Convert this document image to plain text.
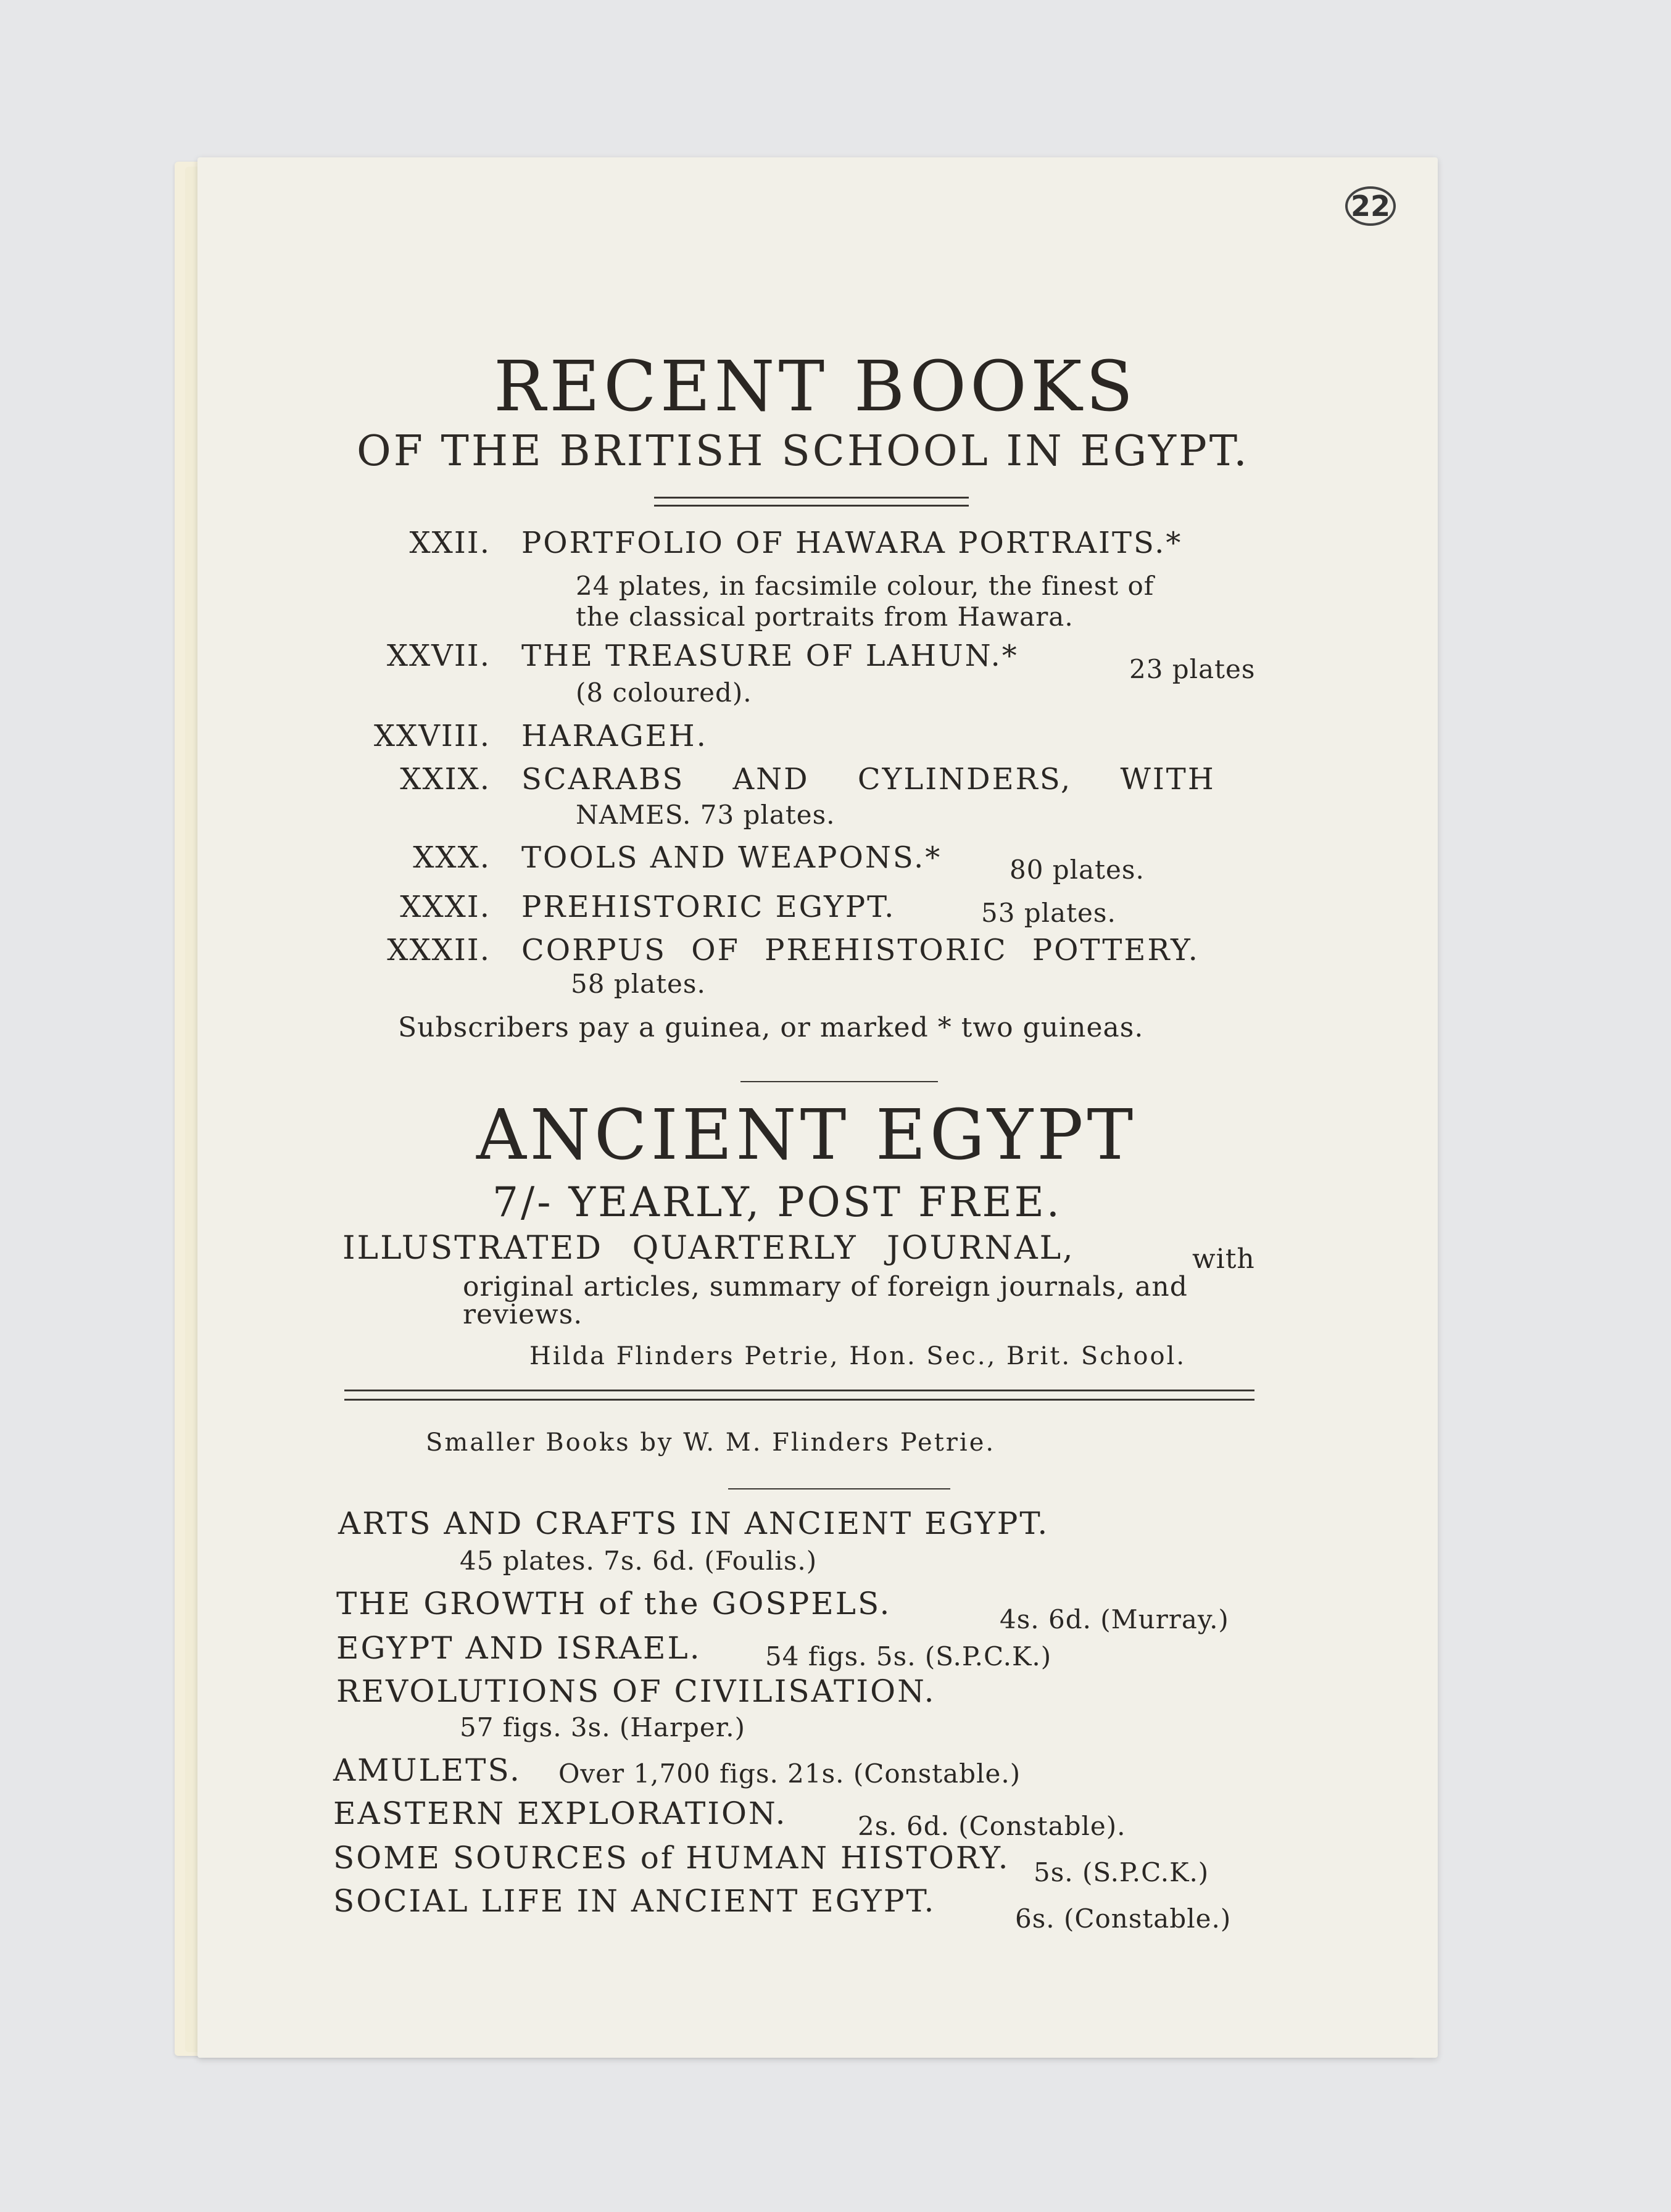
22
RECENT BOOKS
OF THE BRITISH SCHOOL IN EGYPT.
XXII. PORTFOLIO OF HAWARA PORTRAITS.*
24 plates, in facsimile colour, the finest of
the classical portraits from Hawara.
XXVII. THE TREASURE OF LAHUN.*	23 plates
(8 coloured).
XXVIII. HARAGEH.
XXIX. SCARABS AND CYLINDERS, WITH
NAMES. 73 plates.
XXX. TOOLS AND WEAPONS.*	80 plates.
XXXI. PREHISTORIC EGYPT.	53 plates.
XXXII. CORPUS OF PREHISTORIC POTTERY.
58 plates.
Subscribers pay a guinea, or marked * two guineas.
ANCIENT EGYPT
7/- YEARLY, POST FREE.
ILLUSTRATED QUARTERLY JOURNAL,	with
original articles, summary of foreign journals, and
reviews.
Hilda Flinders Petrie, Hon. Sec., Brit. School.
Smaller Books by W. M. Flinders Petrie.
ARTS AND CRAFTS IN ANCIENT EGYPT.
45 plates. 7s. 6d. (Foulis.)
THE GROWTH of the GOSPELS.	4s. 6d. (Murray.)
EGYPT AND ISRAEL. 54 figs. 5s. (S.P.C.K.)
REVOLUTIONS OF CIVILISATION.
57 figs. 3s. (Harper.)
AMULETS. Over 1,700 figs. 21s. (Constable.)
EASTERN EXPLORATION.	2s. 6d. (Constable).
SOME SOURCES of HUMAN HISTORY. 5s. (S.P.C.K.)
SOCIAL LIFE IN ANCIENT EGYPT.	6s. (Constable.)
